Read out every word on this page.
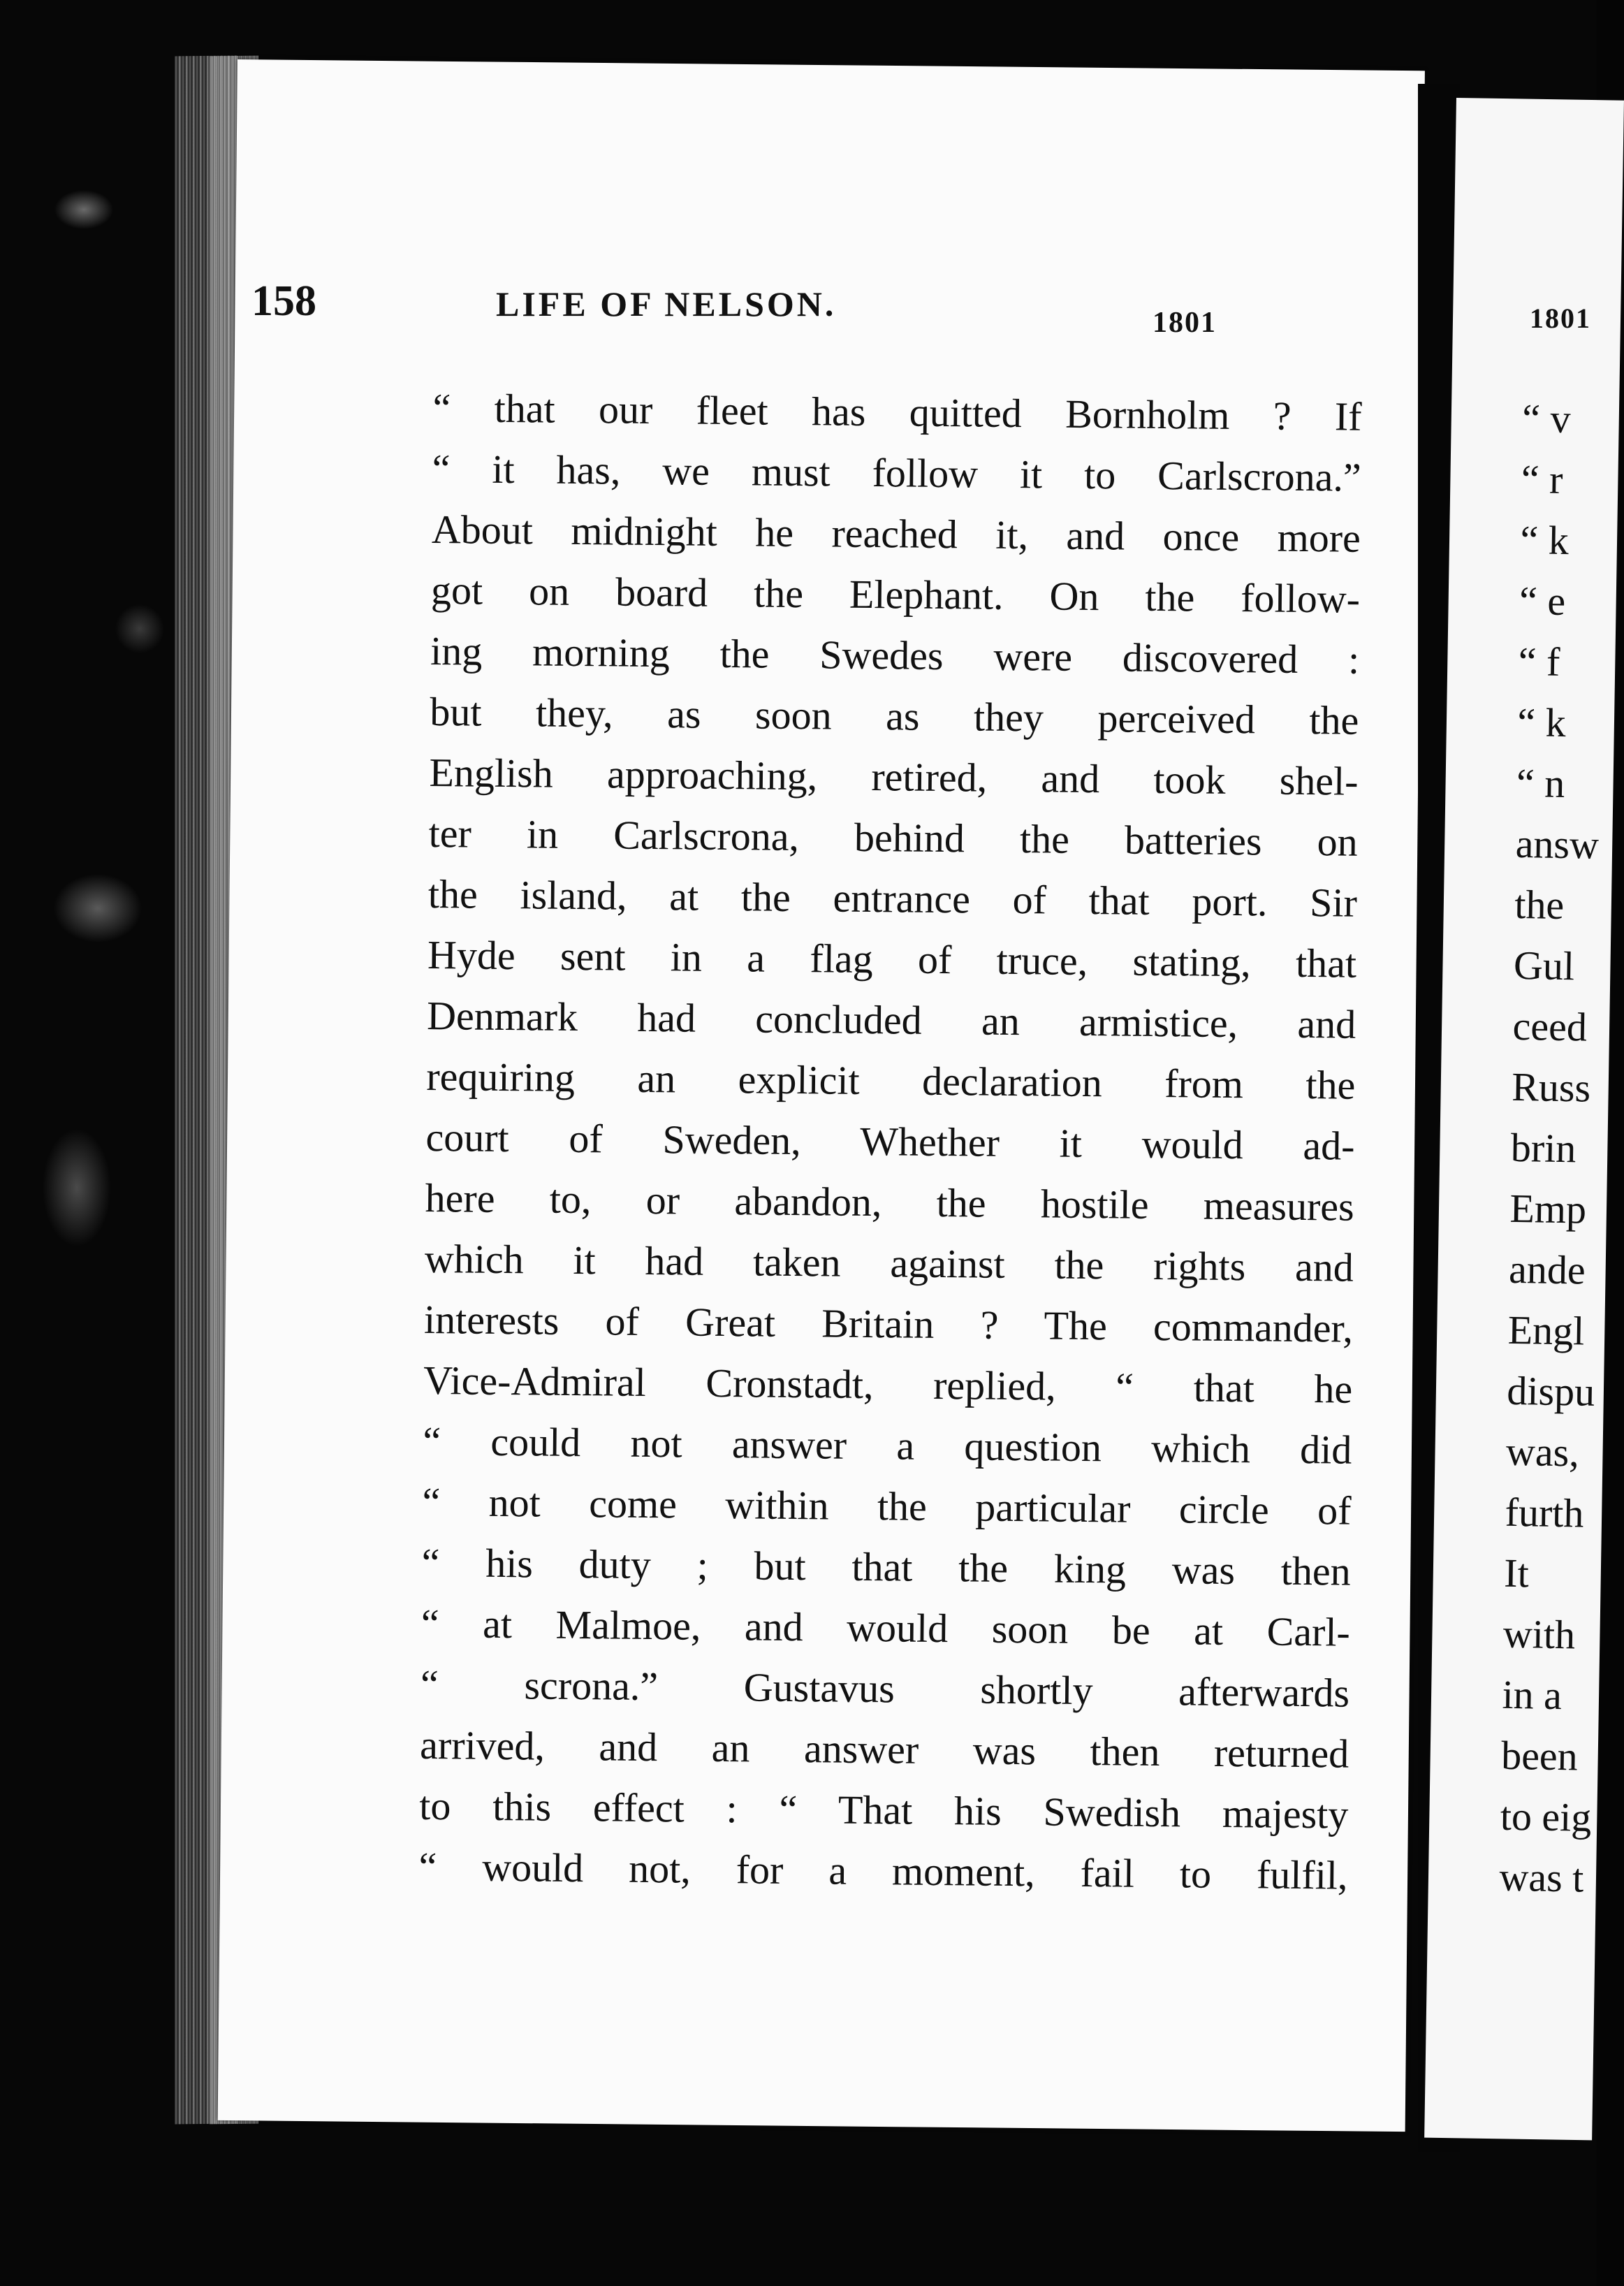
158	LIFE OF NELSON.	1801
“ that our fleet has quitted Bornholm ? If
“ it has, we must follow it to Carlscrona.”
About midnight he reached it, and once more
got on board the Elephant. On the follow-
ing morning the Swedes were discovered :
but they, as soon as they perceived the
English approaching, retired, and took shel-
ter in Carlscrona, behind the batteries on
the island, at the entrance of that port. Sir
Hyde sent in a flag of truce, stating, that
Denmark had concluded an armistice, and
requiring an explicit declaration from the
court of Sweden, Whether it would ad-
here to, or abandon, the hostile measures
which it had taken against the rights and
interests of Great Britain ? The commander,
Vice-Admiral Cronstadt, replied, “ that he
“ could not answer a question which did
“ not come within the particular circle of
“ his duty ; but that the king was then
“ at Malmoe, and would soon be at Carl-
“ scrona.” Gustavus shortly afterwards
arrived, and an answer was then returned
to this effect : “ That his Swedish majesty
“ would not, for a moment, fail to fulfil,
1801
“ v
“ r
“ k
“ e
“ f
“ k
“ n
answ
the
Gul
ceed
Russ
brin
Emp
ande
Engl
dispu
was,
furth
It
with
in a
been
to eig
was t
